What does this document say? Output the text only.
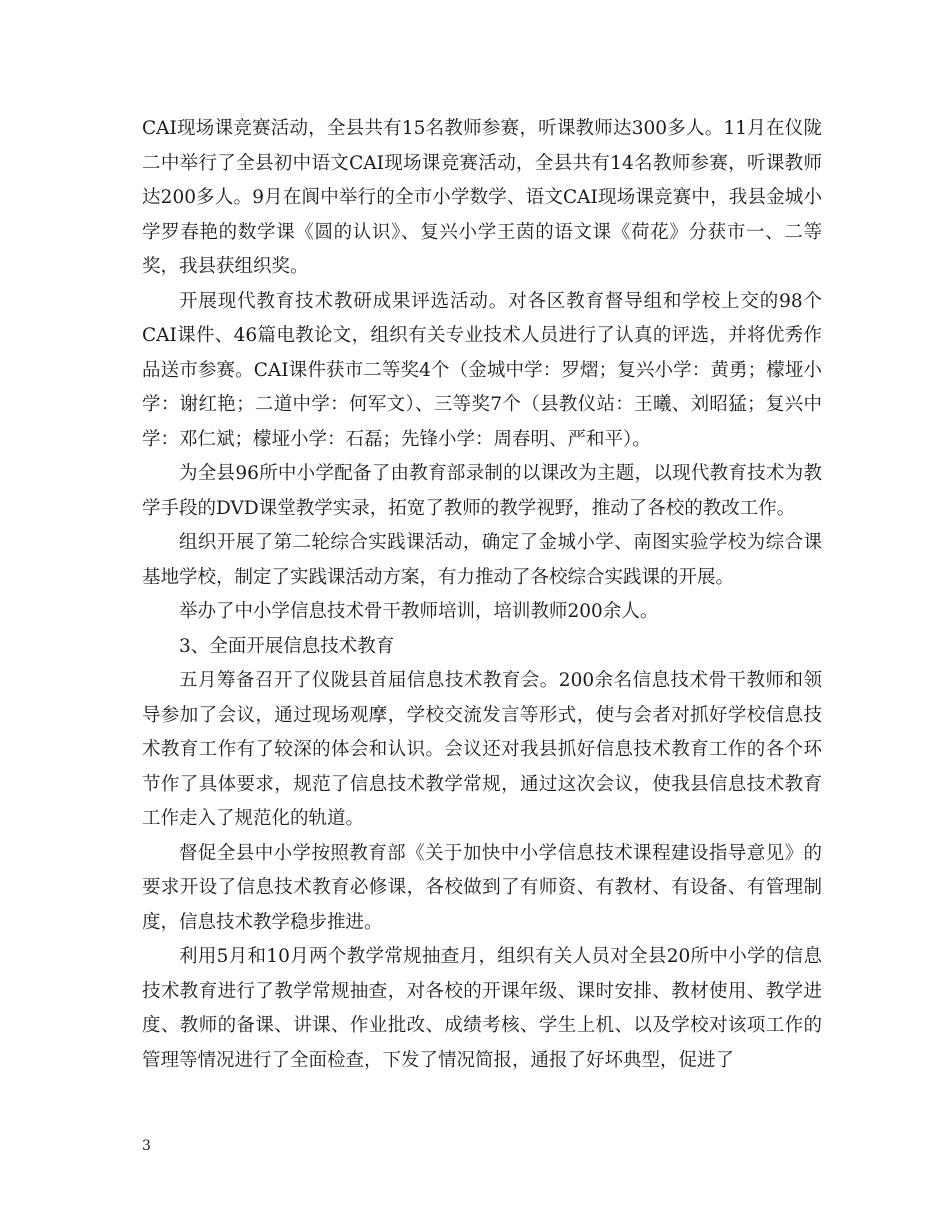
CAI现场课竞赛活动，全县共有15名教师参赛，听课教师达300多人。11月在仪陇二中举行了全县初中语文CAI现场课竞赛活动，全县共有14名教师参赛，听课教师达200多人。9月在阆中举行的全市小学数学、语文CAI现场课竞赛中，我县金城小学罗春艳的数学课《圆的认识》、复兴小学王茵的语文课《荷花》分获市一、二等奖，我县获组织奖。

开展现代教育技术教研成果评选活动。对各区教育督导组和学校上交的98个CAI课件、46篇电教论文，组织有关专业技术人员进行了认真的评选，并将优秀作品送市参赛。CAI课件获市二等奖4个（金城中学：罗熠；复兴小学：黄勇；檬垭小学：谢红艳；二道中学：何军文）、三等奖7个（县教仪站：王曦、刘昭猛；复兴中学：邓仁斌；檬垭小学：石磊；先锋小学：周春明、严和平）。

为全县96所中小学配备了由教育部录制的以课改为主题，以现代教育技术为教学手段的DVD课堂教学实录，拓宽了教师的教学视野，推动了各校的教改工作。

组织开展了第二轮综合实践课活动，确定了金城小学、南图实验学校为综合课基地学校，制定了实践课活动方案，有力推动了各校综合实践课的开展。

举办了中小学信息技术骨干教师培训，培训教师200余人。

3、全面开展信息技术教育

五月筹备召开了仪陇县首届信息技术教育会。200余名信息技术骨干教师和领导参加了会议，通过现场观摩，学校交流发言等形式，使与会者对抓好学校信息技术教育工作有了较深的体会和认识。会议还对我县抓好信息技术教育工作的各个环节作了具体要求，规范了信息技术教学常规，通过这次会议，使我县信息技术教育工作走入了规范化的轨道。

督促全县中小学按照教育部《关于加快中小学信息技术课程建设指导意见》的要求开设了信息技术教育必修课，各校做到了有师资、有教材、有设备、有管理制度，信息技术教学稳步推进。

利用5月和10月两个教学常规抽查月，组织有关人员对全县20所中小学的信息技术教育进行了教学常规抽查，对各校的开课年级、课时安排、教材使用、教学进度、教师的备课、讲课、作业批改、成绩考核、学生上机、以及学校对该项工作的管理等情况进行了全面检查，下发了情况简报，通报了好坏典型，促进了

3
